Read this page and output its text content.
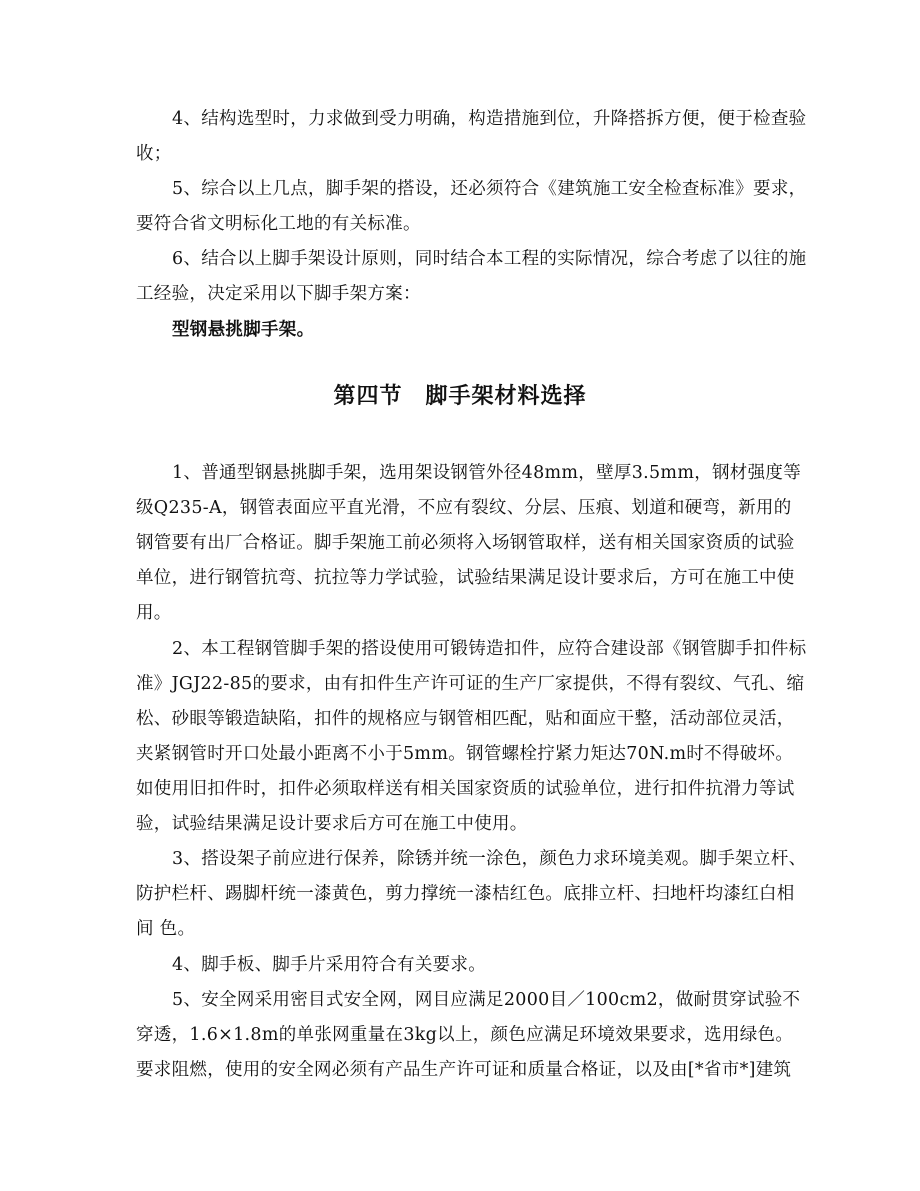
4、结构选型时，力求做到受力明确，构造措施到位，升降搭拆方便，便于检查验收；

5、综合以上几点，脚手架的搭设，还必须符合《建筑施工安全检查标准》要求，要符合省文明标化工地的有关标准。

6、结合以上脚手架设计原则，同时结合本工程的实际情况，综合考虑了以往的施工经验，决定采用以下脚手架方案：

型钢悬挑脚手架。

第四节　脚手架材料选择

1、普通型钢悬挑脚手架，选用架设钢管外径48mm，壁厚3.5mm，钢材强度等级Q235-A，钢管表面应平直光滑，不应有裂纹、分层、压痕、划道和硬弯，新用的钢管要有出厂合格证。脚手架施工前必须将入场钢管取样，送有相关国家资质的试验单位，进行钢管抗弯、抗拉等力学试验，试验结果满足设计要求后，方可在施工中使用。

2、本工程钢管脚手架的搭设使用可锻铸造扣件，应符合建设部《钢管脚手扣件标准》JGJ22-85的要求，由有扣件生产许可证的生产厂家提供，不得有裂纹、气孔、缩松、砂眼等锻造缺陷，扣件的规格应与钢管相匹配，贴和面应干整，活动部位灵活，夹紧钢管时开口处最小距离不小于5mm。钢管螺栓拧紧力矩达70N.m时不得破坏。如使用旧扣件时，扣件必须取样送有相关国家资质的试验单位，进行扣件抗滑力等试验，试验结果满足设计要求后方可在施工中使用。

3、搭设架子前应进行保养，除锈并统一涂色，颜色力求环境美观。脚手架立杆、防护栏杆、踢脚杆统一漆黄色，剪力撑统一漆桔红色。底排立杆、扫地杆均漆红白相间 色。

4、脚手板、脚手片采用符合有关要求。

5、安全网采用密目式安全网，网目应满足2000目／100cm2，做耐贯穿试验不穿透，1.6×1.8m的单张网重量在3kg以上，颜色应满足环境效果要求，选用绿色。要求阻燃，使用的安全网必须有产品生产许可证和质量合格证，以及由[*省市*]建筑
